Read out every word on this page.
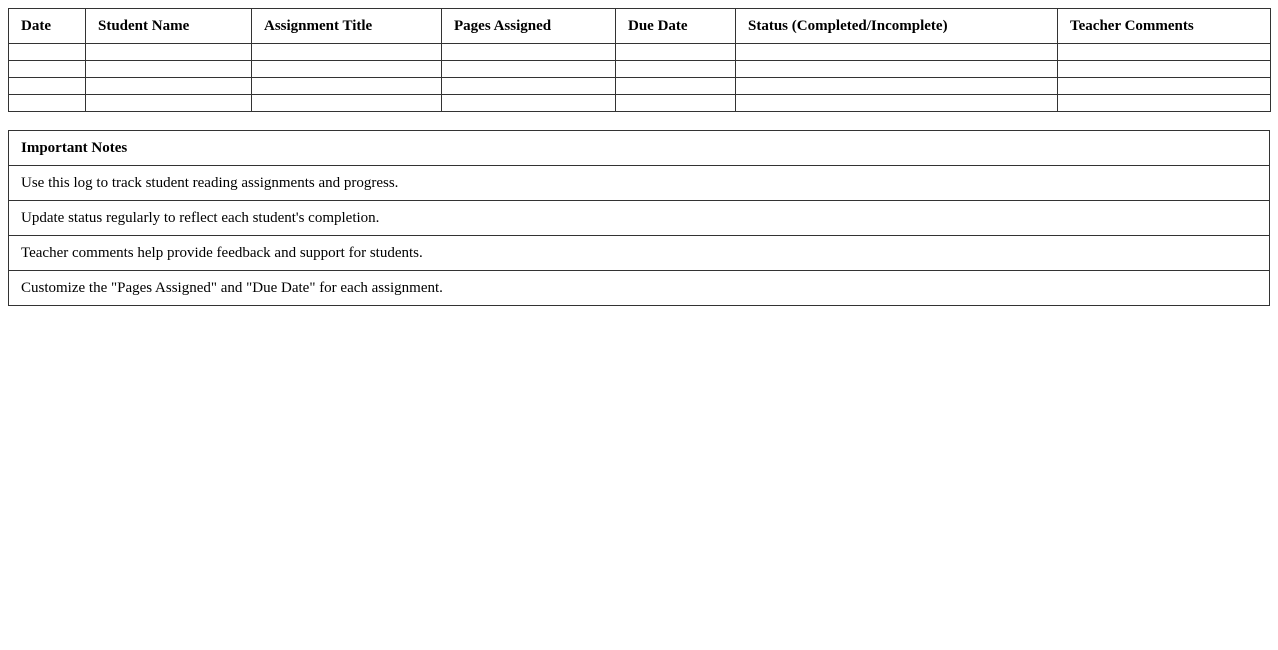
Date	Student Name	Assignment Title	Pages Assigned	Due Date	Status (Completed/Incomplete)	Teacher Comments

Important Notes
Use this log to track student reading assignments and progress.
Update status regularly to reflect each student's completion.
Teacher comments help provide feedback and support for students.
Customize the "Pages Assigned" and "Due Date" for each assignment.
